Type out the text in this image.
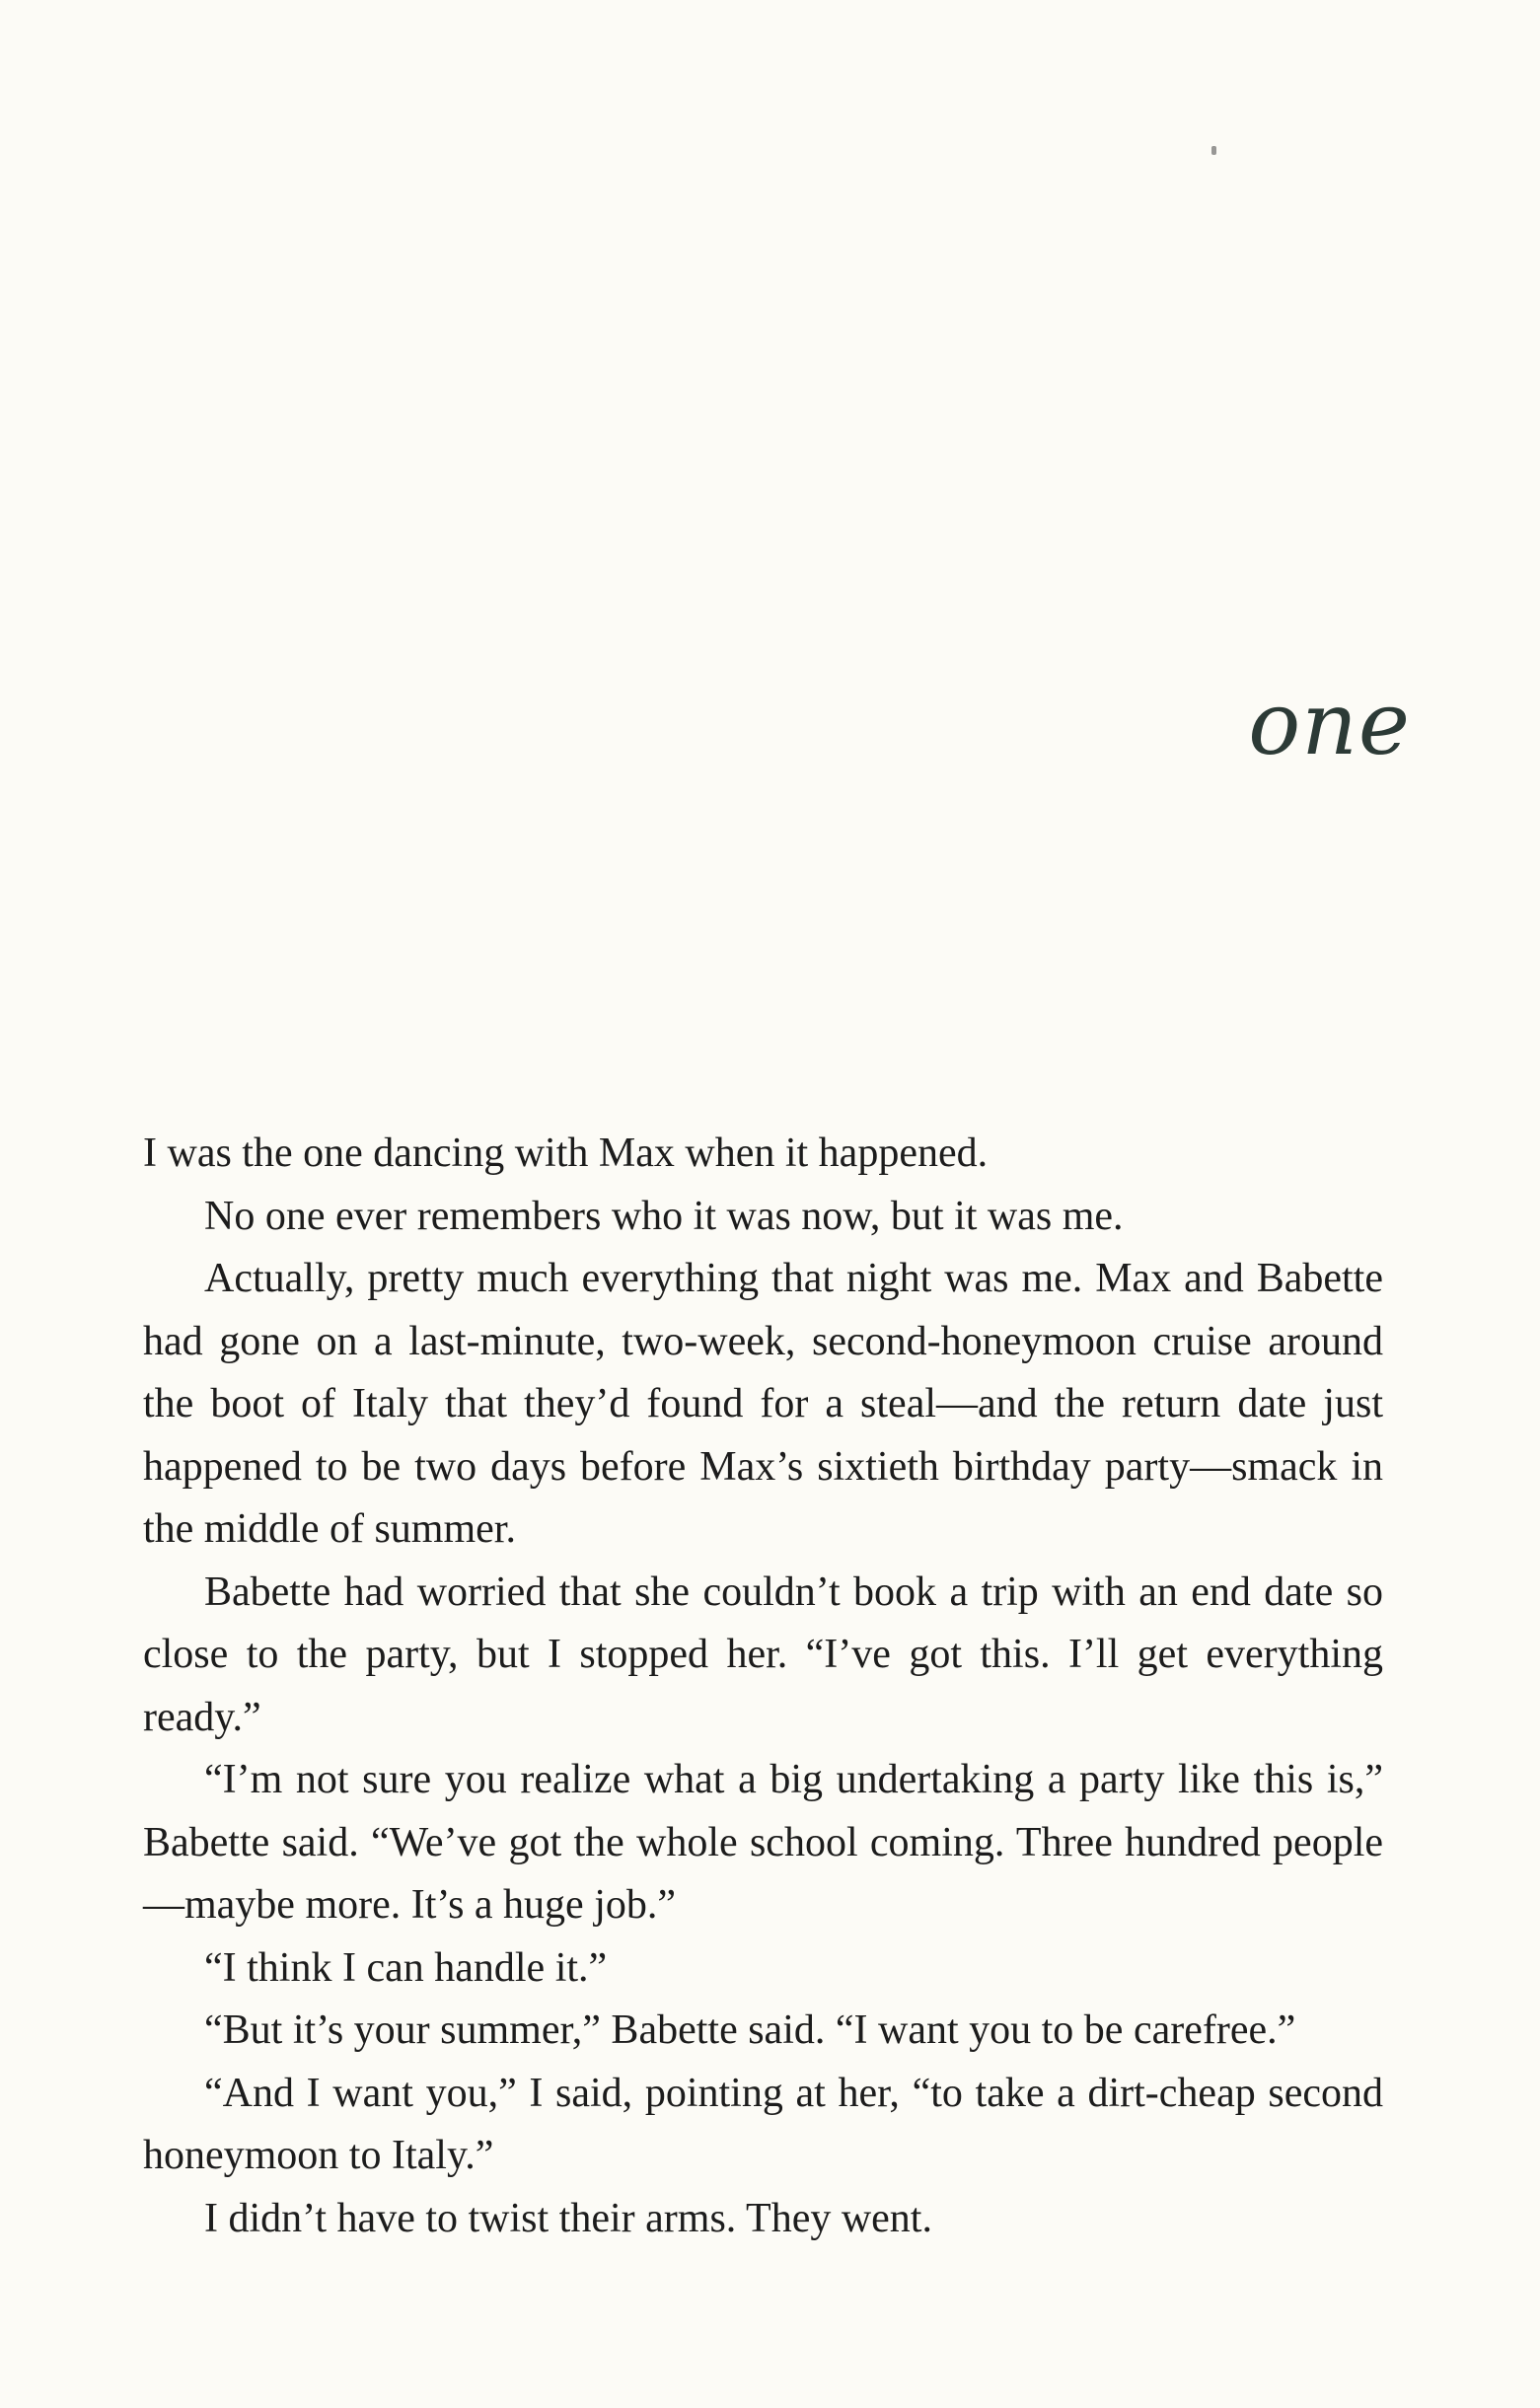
one

I was the one dancing with Max when it happened.

No one ever remembers who it was now, but it was me.

Actually, pretty much everything that night was me. Max and Babette had gone on a last-minute, two-week, second-honeymoon cruise around the boot of Italy that they’d found for a steal—and the return date just happened to be two days before Max’s sixtieth birthday party—smack in the middle of summer.

Babette had worried that she couldn’t book a trip with an end date so close to the party, but I stopped her. “I’ve got this. I’ll get everything ready.”

“I’m not sure you realize what a big undertaking a party like this is,” Babette said. “We’ve got the whole school coming. Three hundred people—maybe more. It’s a huge job.”

“I think I can handle it.”

“But it’s your summer,” Babette said. “I want you to be carefree.”

“And I want you,” I said, pointing at her, “to take a dirt-cheap second honeymoon to Italy.”

I didn’t have to twist their arms. They went.
